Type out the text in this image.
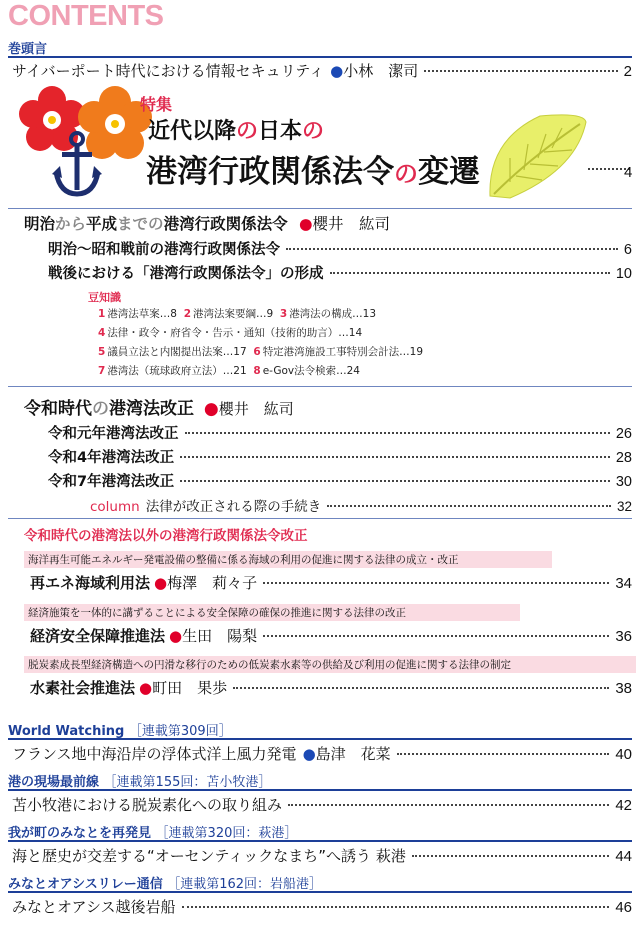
CONTENTS
巻頭言
サイバーポート時代における情報セキュリティ ●小林　潔司	2
特集
近代以降の日本の
港湾行政関係法令の変遷	4
明治から平成までの港湾行政関係法令 ●櫻井　紘司
明治～昭和戦前の港湾行政関係法令	6
戦後における「港湾行政関係法令」の形成	10
豆知識
1 港湾法草案…8 2 港湾法案要綱…9 3 港湾法の構成…13
4 法律・政令・府省令・告示・通知（技術的助言）…14
5 議員立法と内閣提出法案…17 6 特定港湾施設工事特別会計法…19
7 港湾法（琉球政府立法）…21 8 e-Gov法令検索…24
令和時代の港湾法改正 ●櫻井　紘司
令和元年港湾法改正	26
令和4年港湾法改正	28
令和7年港湾法改正	30
column 法律が改正される際の手続き	32
令和時代の港湾法以外の港湾行政関係法令改正
海洋再生可能エネルギー発電設備の整備に係る海域の利用の促進に関する法律の成立・改正
再エネ海域利用法 ●梅澤　莉々子	34
経済施策を一体的に講ずることによる安全保障の確保の推進に関する法律の改正
経済安全保障推進法 ●生田　陽梨	36
脱炭素成長型経済構造への円滑な移行のための低炭素水素等の供給及び利用の促進に関する法律の制定
水素社会推進法 ●町田　果歩	38
World Watching ［連載第309回］
フランス地中海沿岸の浮体式洋上風力発電 ●島津　花菜	40
港の現場最前線 ［連載第155回：苫小牧港］
苫小牧港における脱炭素化への取り組み	42
我が町のみなとを再発見 ［連載第320回：萩港］
海と歴史が交差する“オーセンティックなまち”へ誘う 萩港	44
みなとオアシスリレー通信 ［連載第162回：岩船港］
みなとオアシス越後岩船	46
